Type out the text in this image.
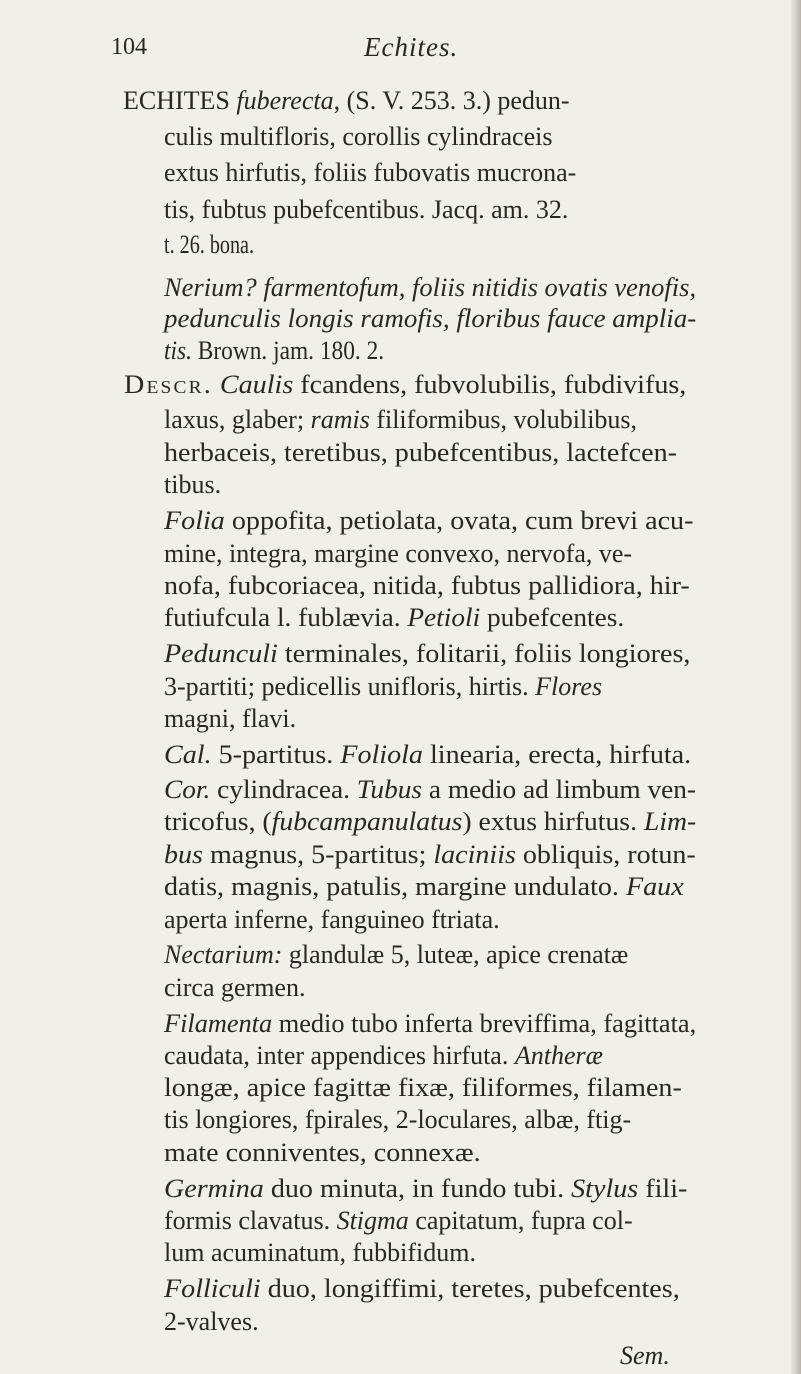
104	Echites.
ECHITES fuberecta, (S. V. 253. 3.) pedun-
culis multifloris, corollis cylindraceis
extus hirfutis, foliis fubovatis mucrona-
tis, fubtus pubefcentibus. Jacq. am. 32.
t. 26. bona.
Nerium? farmentofum, foliis nitidis ovatis venofis,
pedunculis longis ramofis, floribus fauce amplia-
tis. Brown. jam. 180. 2.
Descr. Caulis fcandens, fubvolubilis, fubdivifus,
laxus, glaber; ramis filiformibus, volubilibus,
herbaceis, teretibus, pubefcentibus, lactefcen-
tibus.
Folia oppofita, petiolata, ovata, cum brevi acu-
mine, integra, margine convexo, nervofa, ve-
nofa, fubcoriacea, nitida, fubtus pallidiora, hir-
futiufcula l. fublævia. Petioli pubefcentes.
Pedunculi terminales, folitarii, foliis longiores,
3-partiti; pedicellis unifloris, hirtis. Flores
magni, flavi.
Cal. 5-partitus. Foliola linearia, erecta, hirfuta.
Cor. cylindracea. Tubus a medio ad limbum ven-
tricofus, (fubcampanulatus) extus hirfutus. Lim-
bus magnus, 5-partitus; laciniis obliquis, rotun-
datis, magnis, patulis, margine undulato. Faux
aperta inferne, fanguineo ftriata.
Nectarium: glandulæ 5, luteæ, apice crenatæ
circa germen.
Filamenta medio tubo inferta breviffima, fagittata,
caudata, inter appendices hirfuta. Antheræ
longæ, apice fagittæ fixæ, filiformes, filamen-
tis longiores, fpirales, 2-loculares, albæ, ftig-
mate conniventes, connexæ.
Germina duo minuta, in fundo tubi. Stylus fili-
formis clavatus. Stigma capitatum, fupra col-
lum acuminatum, fubbifidum.
Folliculi duo, longiffimi, teretes, pubefcentes,
2-valves.
Sem.
